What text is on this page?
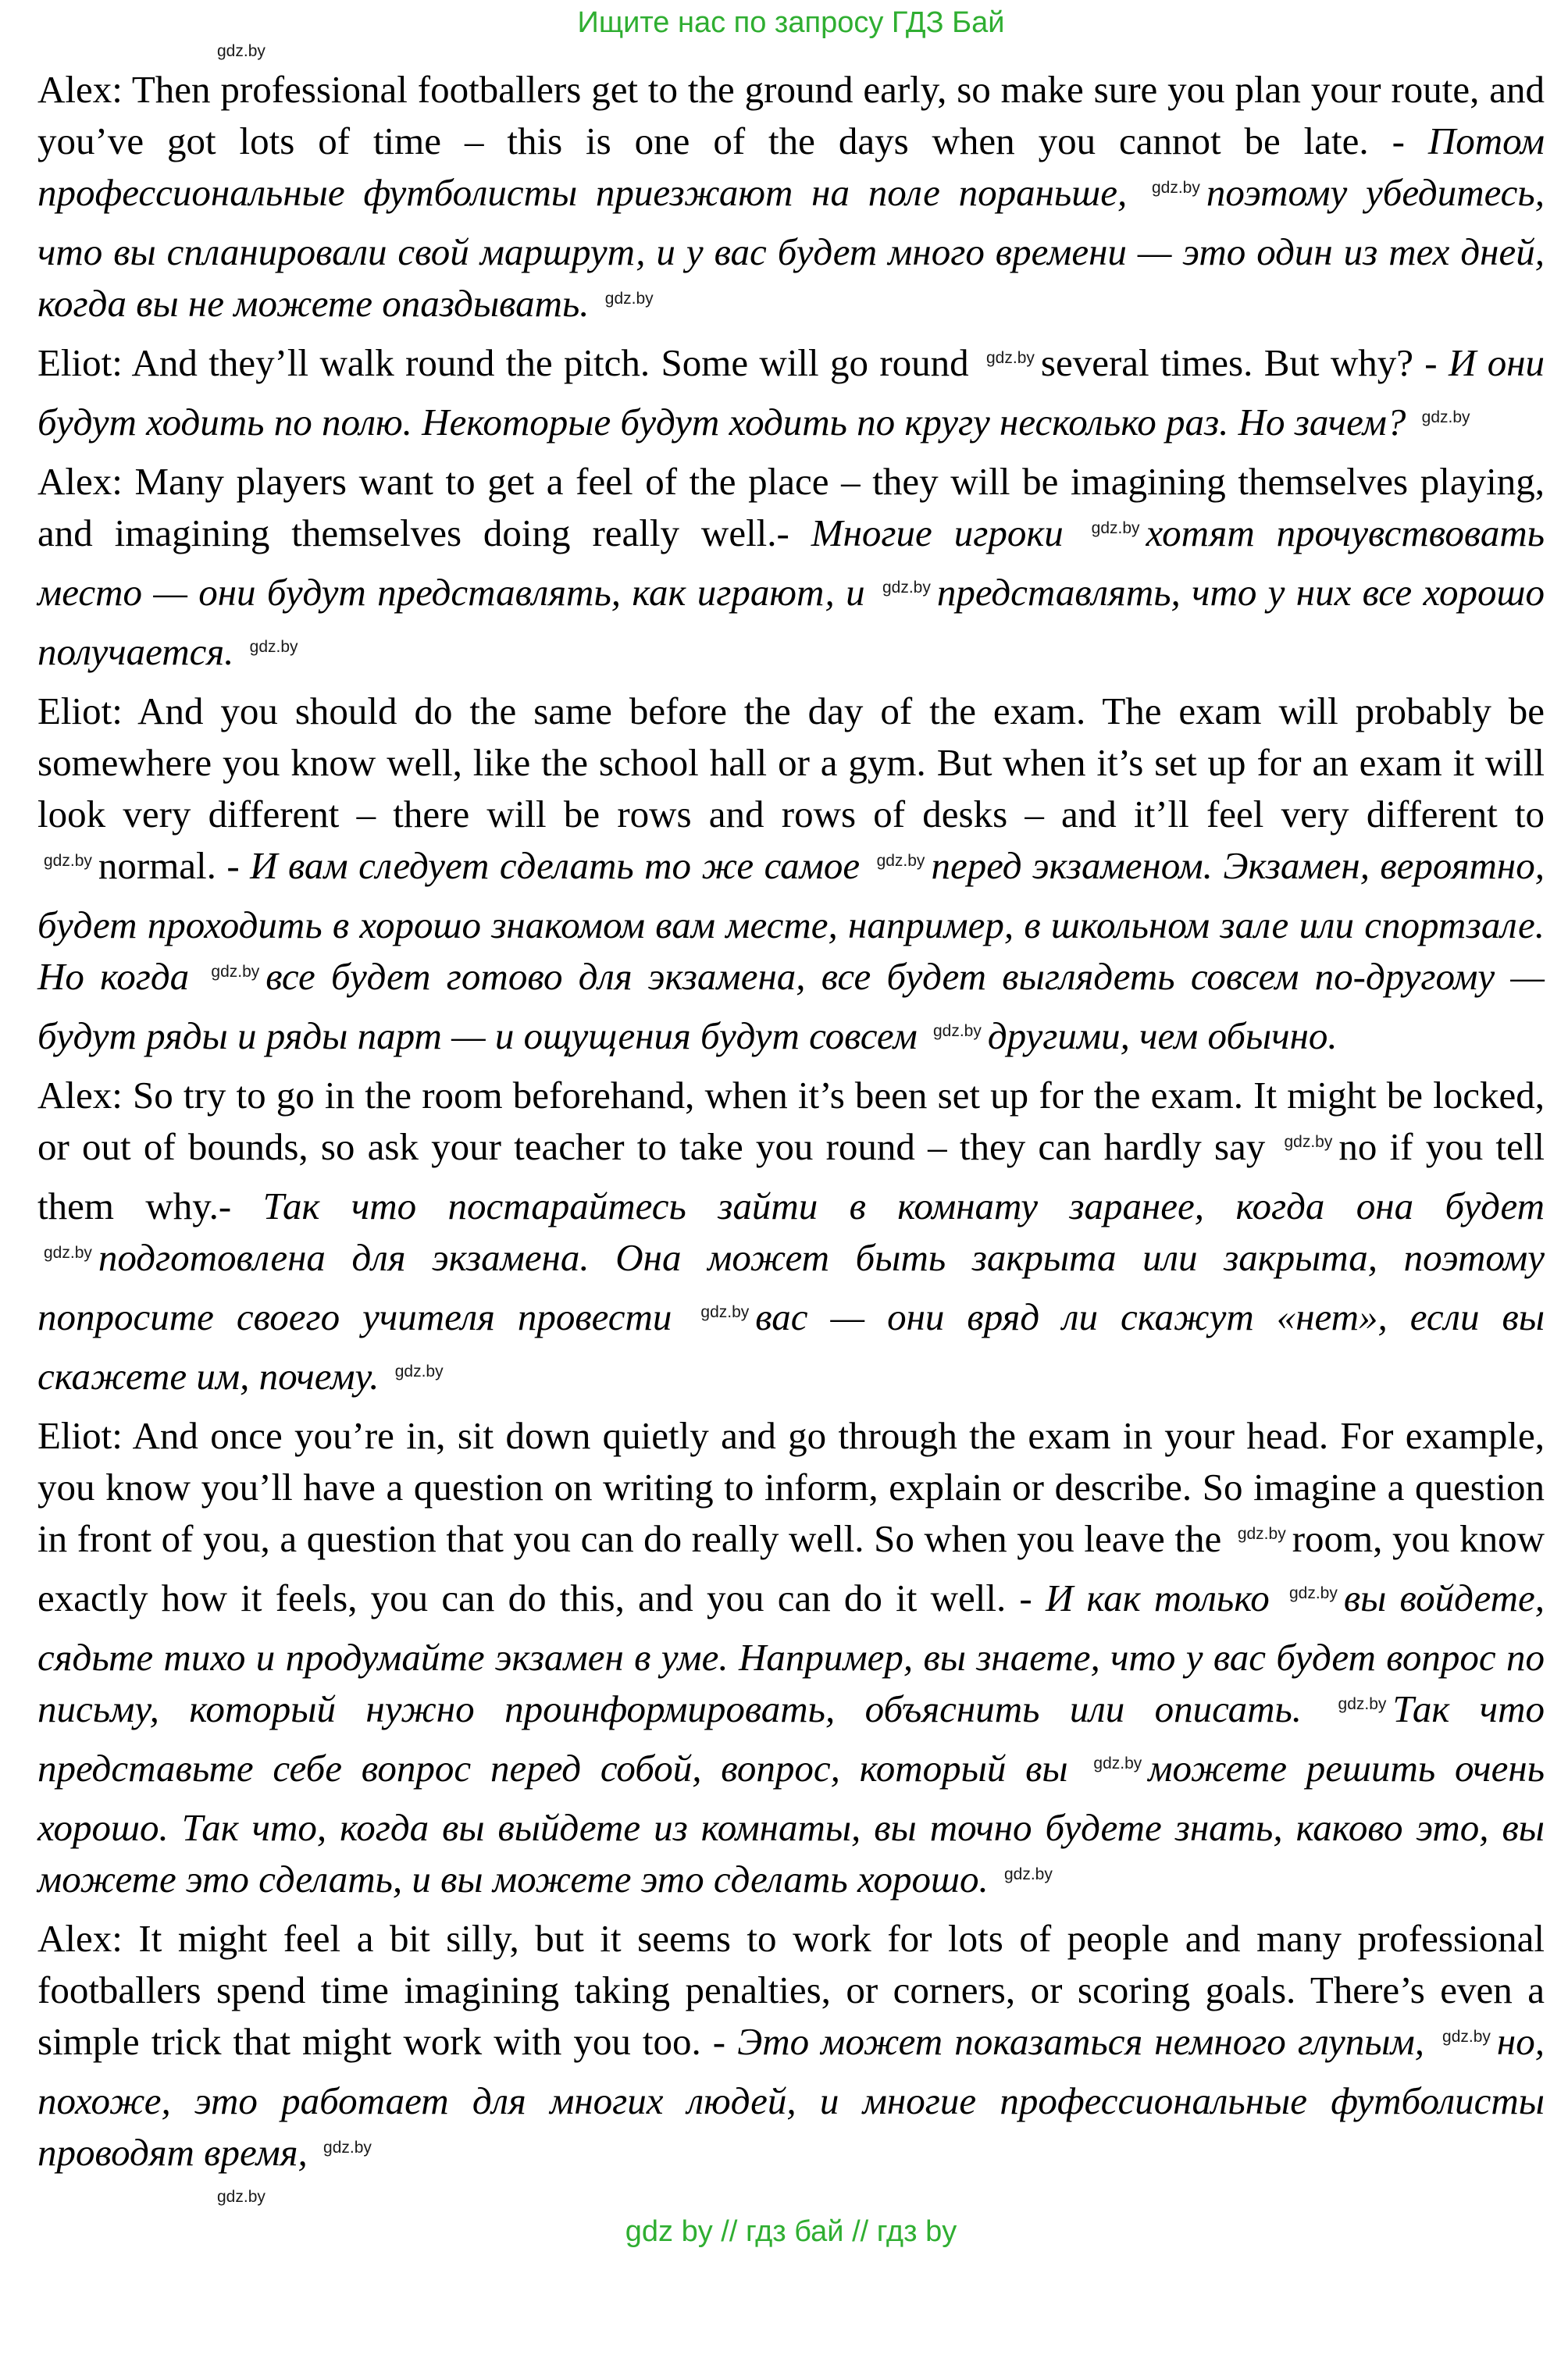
Ищите нас по запросу ГДЗ Бай
gdz.by

Alex: Then professional footballers get to the ground early, so make sure you plan your route, and you’ve got lots of time – this is one of the days when you cannot be late. - Потом профессиональные футболисты приезжают на поле пораньше, $^{gdz.by}$ поэтому убедитесь, что вы спланировали свой маршрут, и у вас будет много времени — это один из тех дней, когда вы не можете опаздывать. $^{gdz.by}$

Eliot: And they’ll walk round the pitch. Some will go round $^{gdz.by}$ several times. But why? - И они будут ходить по полю. Некоторые будут ходить по кругу несколько раз. Но зачем? $^{gdz.by}$

Alex: Many players want to get a feel of the place – they will be imagining themselves playing, and imagining themselves doing really well.- Многие игроки $^{gdz.by}$ хотят прочувствовать место — они будут представлять, как играют, и $^{gdz.by}$ представлять, что у них все хорошо получается. $^{gdz.by}$

Eliot: And you should do the same before the day of the exam. The exam will probably be somewhere you know well, like the school hall or a gym. But when it’s set up for an exam it will look very different – there will be rows and rows of desks – and it’ll feel very different to $^{gdz.by}$ normal. - И вам следует сделать то же самое $^{gdz.by}$ перед экзаменом. Экзамен, вероятно, будет проходить в хорошо знакомом вам месте, например, в школьном зале или спортзале. Но когда $^{gdz.by}$ все будет готово для экзамена, все будет выглядеть совсем по-другому — будут ряды и ряды парт — и ощущения будут совсем $^{gdz.by}$ другими, чем обычно.

Alex: So try to go in the room beforehand, when it’s been set up for the exam. It might be locked, or out of bounds, so ask your teacher to take you round – they can hardly say $^{gdz.by}$ no if you tell them why.- Так что постарайтесь зайти в комнату заранее, когда она будет $^{gdz.by}$ подготовлена для экзамена. Она может быть закрыта или закрыта, поэтому попросите своего учителя провести $^{gdz.by}$ вас — они вряд ли скажут «нет», если вы скажете им, почему. $^{gdz.by}$

Eliot: And once you’re in, sit down quietly and go through the exam in your head. For example, you know you’ll have a question on writing to inform, explain or describe. So imagine a question in front of you, a question that you can do really well. So when you leave the $^{gdz.by}$ room, you know exactly how it feels, you can do this, and you can do it well. - И как только $^{gdz.by}$ вы войдете, сядьте тихо и продумайте экзамен в уме. Например, вы знаете, что у вас будет вопрос по письму, который нужно проинформировать, объяснить или описать. $^{gdz.by}$ Так что представьте себе вопрос перед собой, вопрос, который вы $^{gdz.by}$ можете решить очень хорошо. Так что, когда вы выйдете из комнаты, вы точно будете знать, каково это, вы можете это сделать, и вы можете это сделать хорошо. $^{gdz.by}$

Alex: It might feel a bit silly, but it seems to work for lots of people and many professional footballers spend time imagining taking penalties, or corners, or scoring goals. There’s even a simple trick that might work with you too. - Это может показаться немного глупым, $^{gdz.by}$ но, похоже, это работает для многих людей, и многие профессиональные футболисты проводят время, $^{gdz.by}$

gdz.by
gdz by // гдз бай // гдз by
